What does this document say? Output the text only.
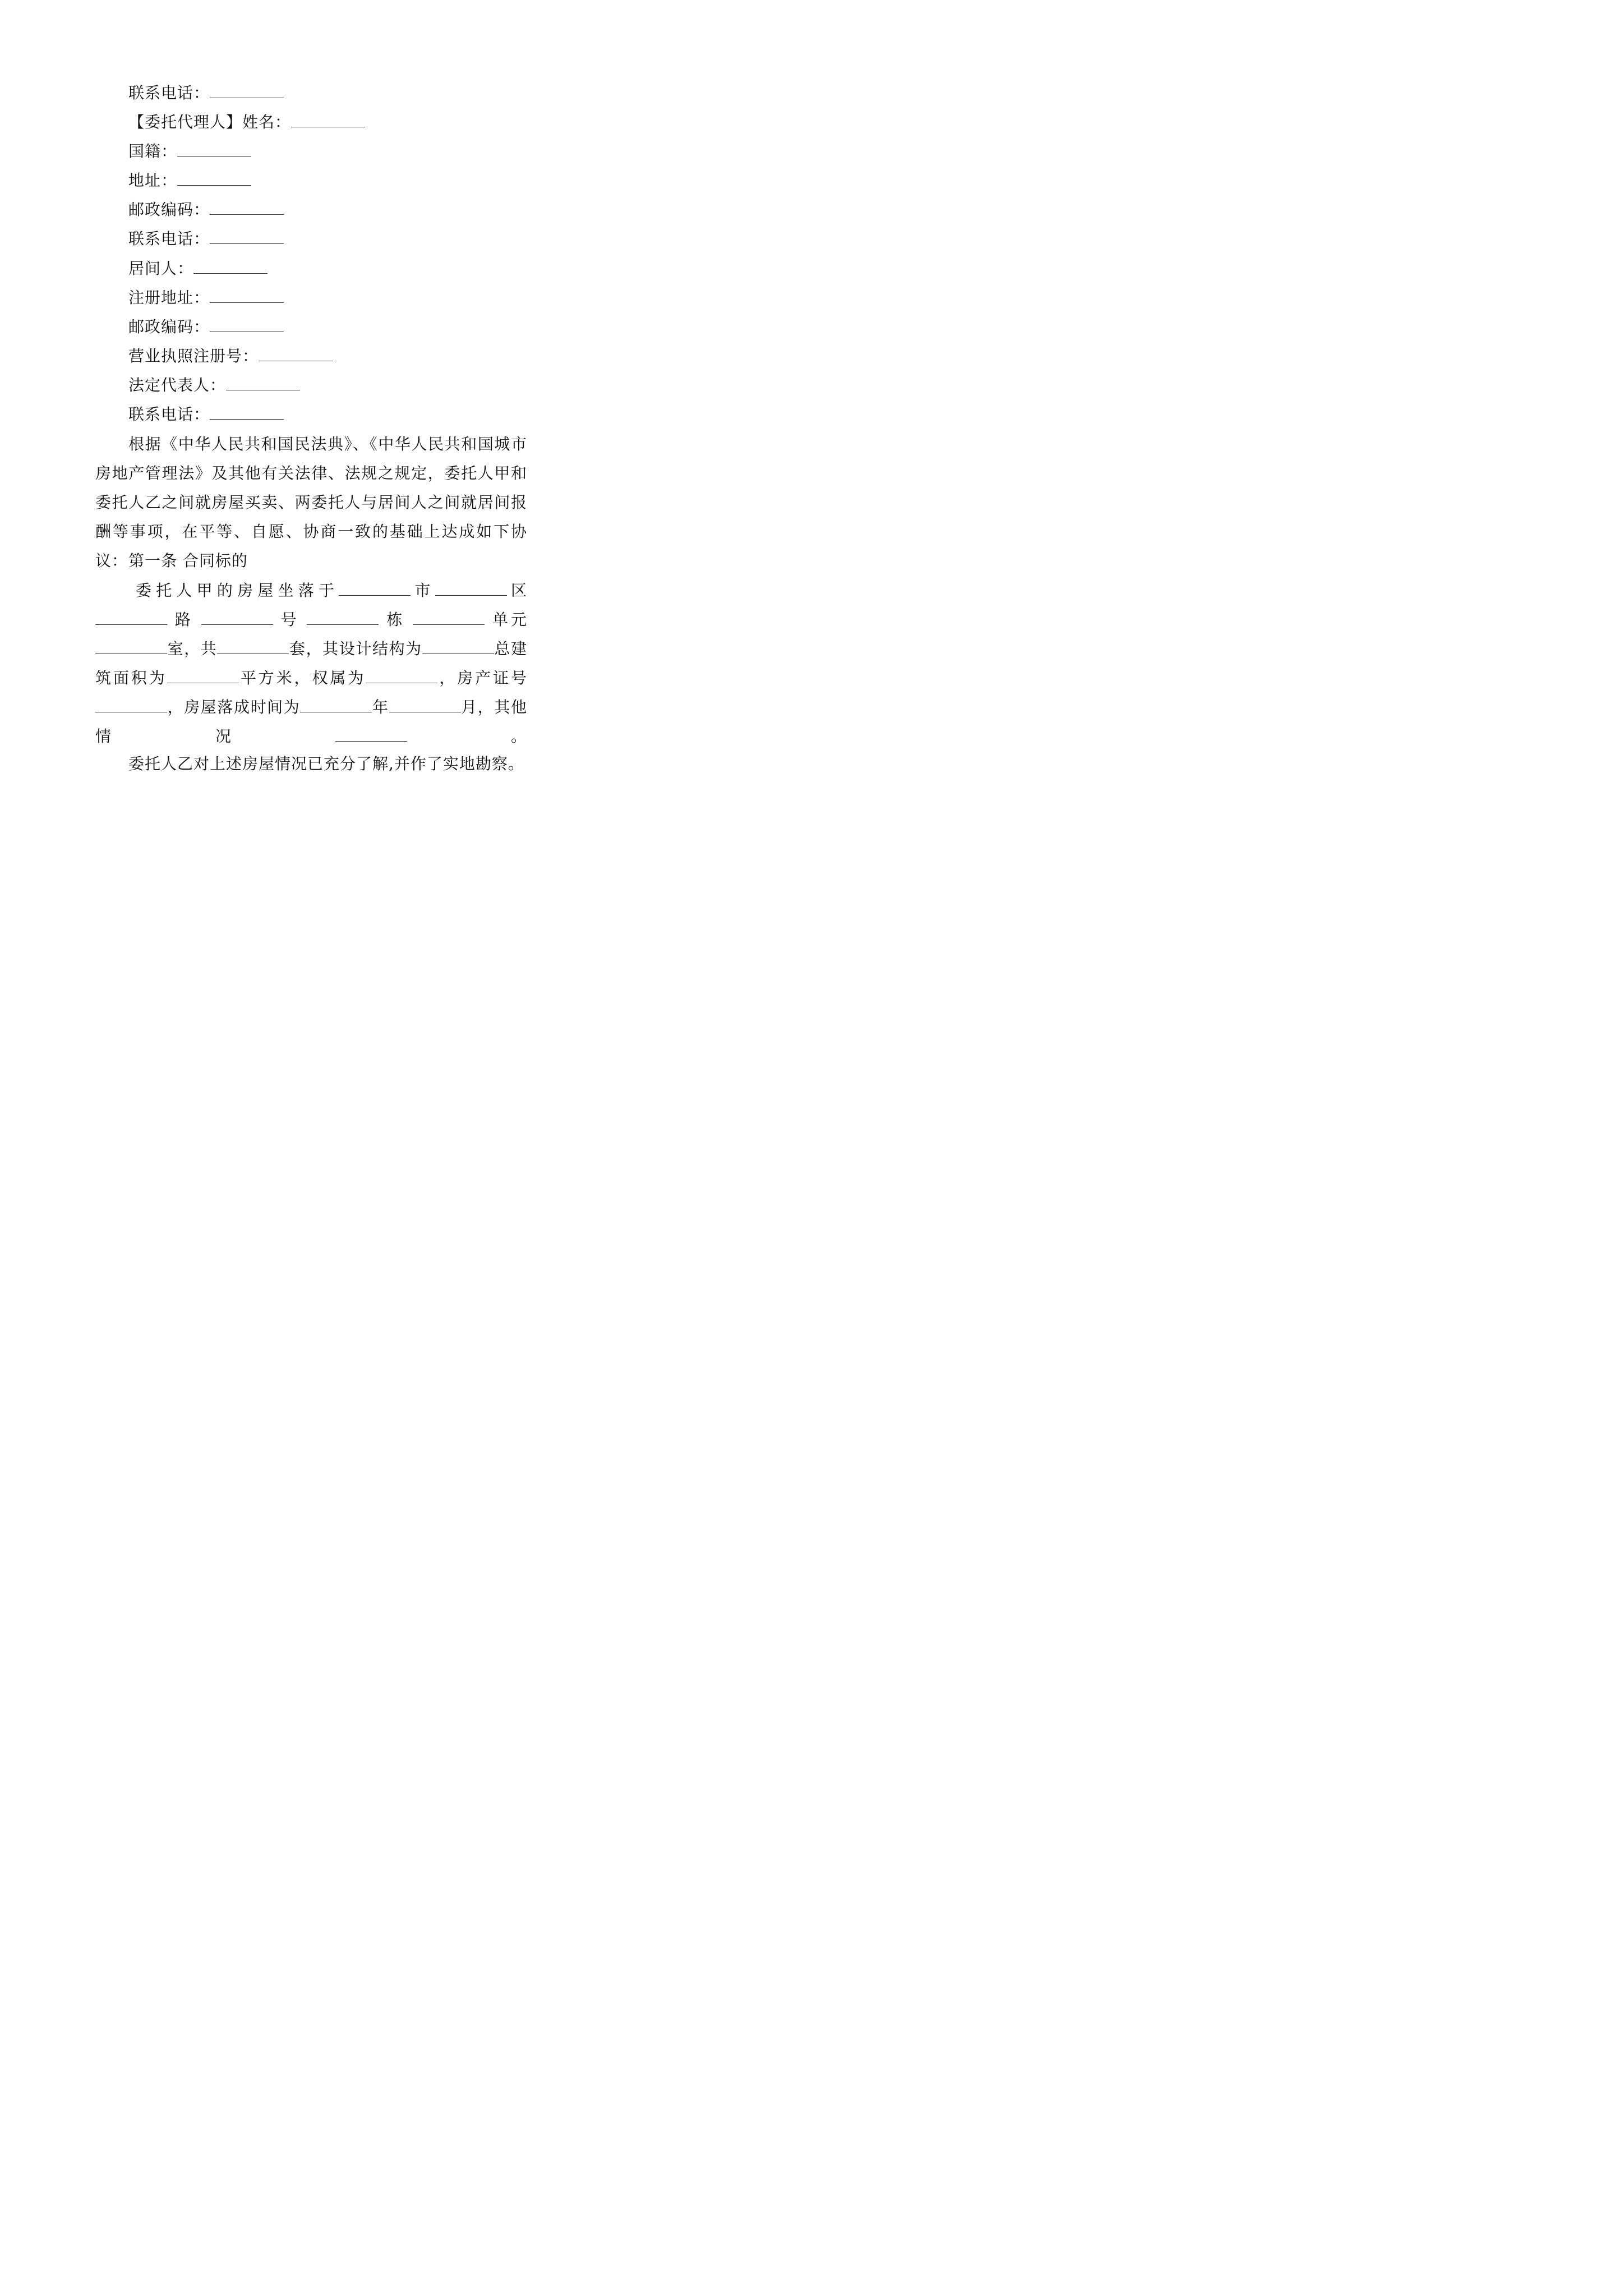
联系电话：
【委托代理人】姓名：
国籍：
地址：
邮政编码：
联系电话：
居间人：
注册地址：
邮政编码：
营业执照注册号：
法定代表人：
联系电话：

根据《中华人民共和国民法典》、《中华人民共和国城市房地产管理法》及其他有关法律、法规之规定，委托人甲和委托人乙之间就房屋买卖、两委托人与居间人之间就居间报酬等事项，在平等、自愿、协商一致的基础上达成如下协议： 第一条 合同标的

委托人甲的房屋坐落于	市	区  路	号	栋	单元 室，共	套，其设计结构为	总建筑面积为	平方米，权属为	，房产证号 ，房屋落成时间为	年	月，其他情况	。

委托人乙对上述房屋情况已充分了解,并作了实地勘察。
